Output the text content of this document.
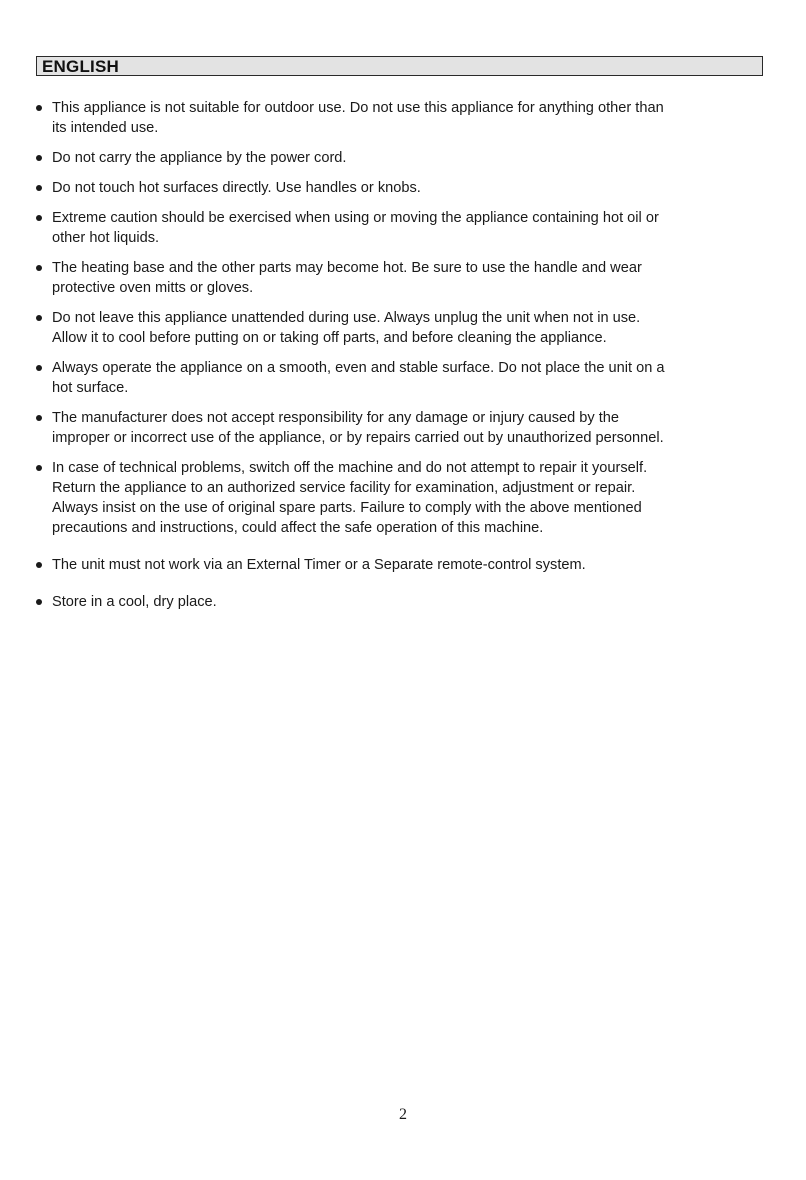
ENGLISH
This appliance is not suitable for outdoor use. Do not use this appliance for anything other than
its intended use.
Do not carry the appliance by the power cord.
Do not touch hot surfaces directly. Use handles or knobs.
Extreme caution should be exercised when using or moving the appliance containing hot oil or
other hot liquids.
The heating base and the other parts may become hot. Be sure to use the handle and wear
protective oven mitts or gloves.
Do not leave this appliance unattended during use. Always unplug the unit when not in use.
Allow it to cool before putting on or taking off parts, and before cleaning the appliance.
Always operate the appliance on a smooth, even and stable surface. Do not place the unit on a
hot surface.
The manufacturer does not accept responsibility for any damage or injury caused by the
improper or incorrect use of the appliance, or by repairs carried out by unauthorized personnel.
In case of technical problems, switch off the machine and do not attempt to repair it yourself.
Return the appliance to an authorized service facility for examination, adjustment or repair.
Always insist on the use of original spare parts. Failure to comply with the above mentioned
precautions and instructions, could affect the safe operation of this machine.
The unit must not work via an External Timer or a Separate remote-control system.
Store in a cool, dry place.
2
